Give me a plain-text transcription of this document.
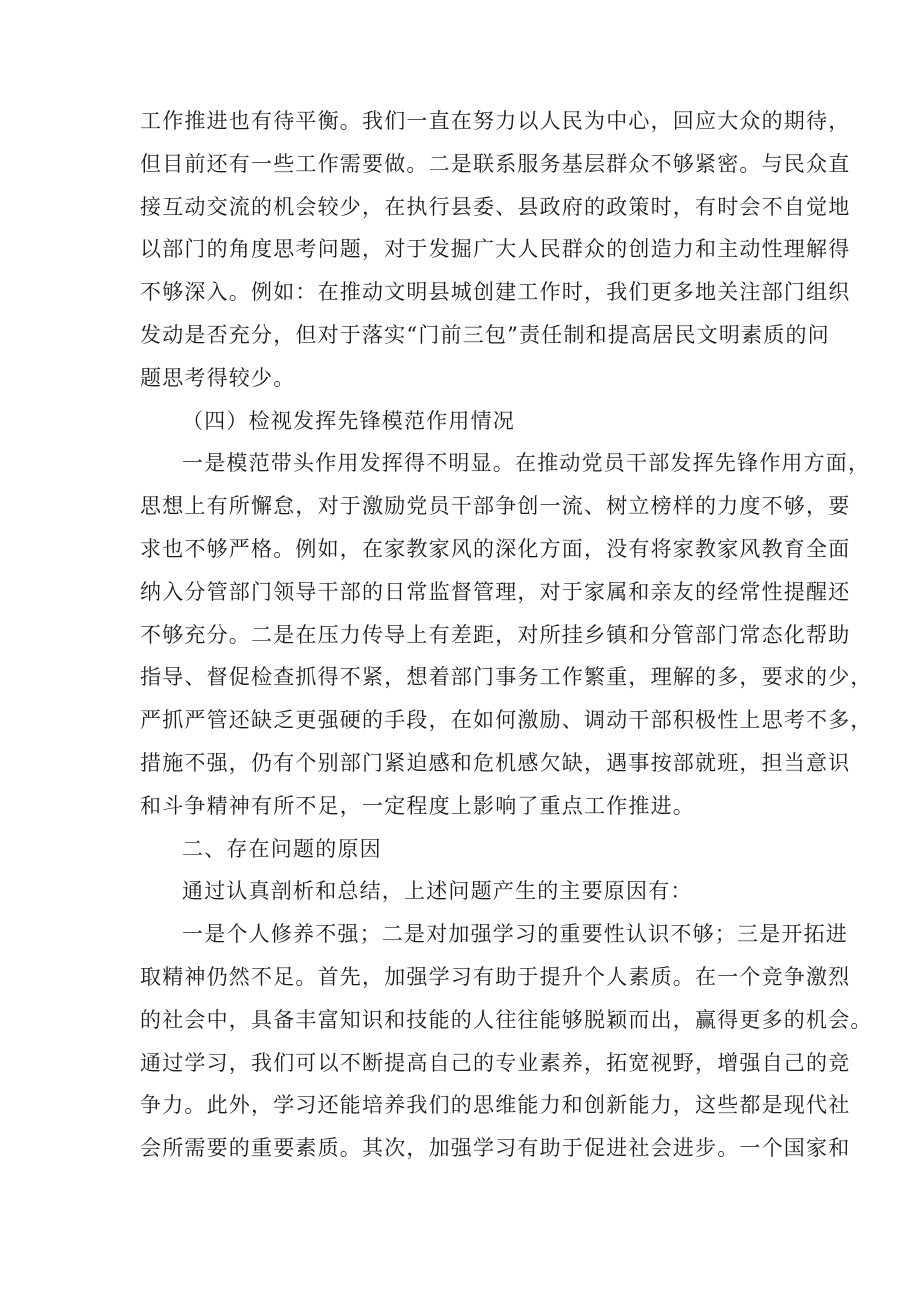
工作推进也有待平衡。我们一直在努力以人民为中心，回应大众的期待，
但目前还有一些工作需要做。二是联系服务基层群众不够紧密。与民众直
接互动交流的机会较少，在执行县委、县政府的政策时，有时会不自觉地
以部门的角度思考问题，对于发掘广大人民群众的创造力和主动性理解得
不够深入。例如：在推动文明县城创建工作时，我们更多地关注部门组织
发动是否充分，但对于落实“门前三包”责任制和提高居民文明素质的问
题思考得较少。
（四）检视发挥先锋模范作用情况
一是模范带头作用发挥得不明显。在推动党员干部发挥先锋作用方面，
思想上有所懈怠，对于激励党员干部争创一流、树立榜样的力度不够，要
求也不够严格。例如，在家教家风的深化方面，没有将家教家风教育全面
纳入分管部门领导干部的日常监督管理，对于家属和亲友的经常性提醒还
不够充分。二是在压力传导上有差距，对所挂乡镇和分管部门常态化帮助
指导、督促检查抓得不紧，想着部门事务工作繁重，理解的多，要求的少，
严抓严管还缺乏更强硬的手段，在如何激励、调动干部积极性上思考不多，
措施不强，仍有个别部门紧迫感和危机感欠缺，遇事按部就班，担当意识
和斗争精神有所不足，一定程度上影响了重点工作推进。
二、存在问题的原因
通过认真剖析和总结，上述问题产生的主要原因有：
一是个人修养不强；二是对加强学习的重要性认识不够；三是开拓进
取精神仍然不足。首先，加强学习有助于提升个人素质。在一个竞争激烈
的社会中，具备丰富知识和技能的人往往能够脱颖而出，赢得更多的机会。
通过学习，我们可以不断提高自己的专业素养，拓宽视野，增强自己的竞
争力。此外，学习还能培养我们的思维能力和创新能力，这些都是现代社
会所需要的重要素质。其次，加强学习有助于促进社会进步。一个国家和
